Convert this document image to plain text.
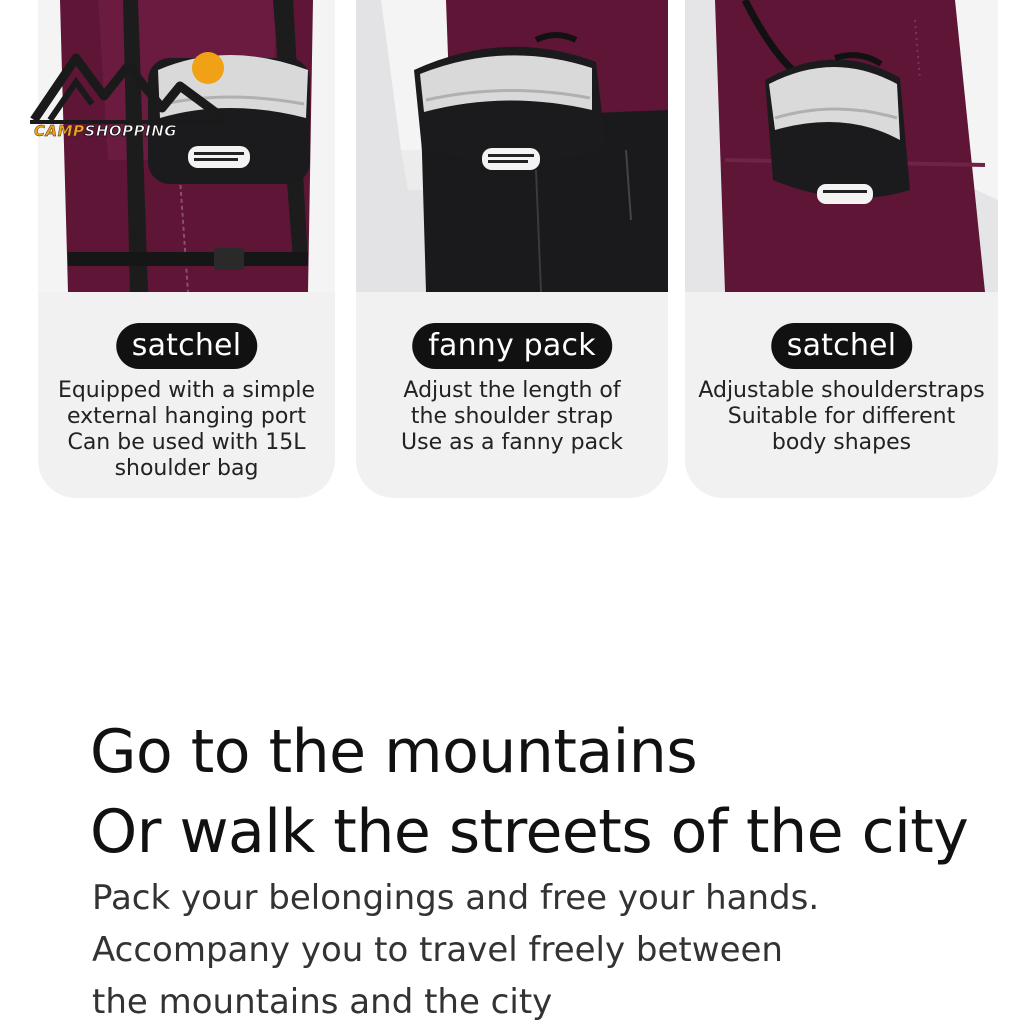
satchel
Equipped with a simple
external hanging port
Can be used with 15L
shoulder bag
fanny pack
Adjust the length of
the shoulder strap
Use as a fanny pack
satchel
Adjustable shoulderstraps
Suitable for different
body shapes
CAMPSHOPPING
Go to the mountains
Or walk the streets of the city
Pack your belongings and free your hands.
Accompany you to travel freely between
the mountains and the city
